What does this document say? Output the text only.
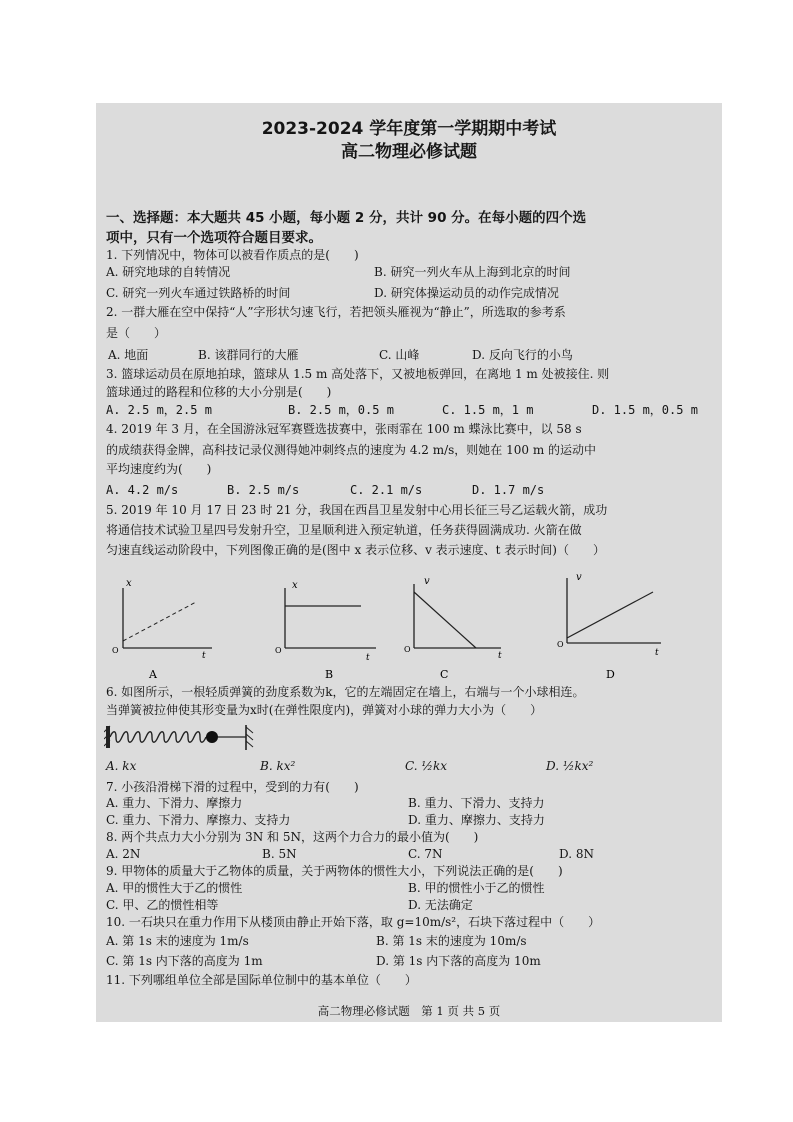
2023-2024 学年度第一学期期中考试
高二物理必修试题
一、选择题：本大题共 45 小题，每小题 2 分，共计 90 分。在每小题的四个选
项中，只有一个选项符合题目要求。
1. 下列情况中，物体可以被看作质点的是(　　)
A. 研究地球的自转情况	B. 研究一列火车从上海到北京的时间
C. 研究一列火车通过铁路桥的时间	D. 研究体操运动员的动作完成情况
2. 一群大雁在空中保持“人”字形状匀速飞行，若把领头雁视为“静止”，所选取的参考系
是（　　）
A. 地面	B. 该群同行的大雁	C. 山峰	D. 反向飞行的小鸟
3. 篮球运动员在原地拍球，篮球从 1.5 m 高处落下，又被地板弹回，在离地 1 m 处被接住. 则
篮球通过的路程和位移的大小分别是(　　)
A. 2.5 m，2.5 m	B. 2.5 m，0.5 m	C. 1.5 m，1 m	D. 1.5 m，0.5 m
4. 2019 年 3 月，在全国游泳冠军赛暨选拔赛中，张雨霏在 100 m 蝶泳比赛中，以 58 s
的成绩获得金牌，高科技记录仪测得她冲刺终点的速度为 4.2 m/s，则她在 100 m 的运动中
平均速度约为(　　)
A. 4.2 m/s	B. 2.5 m/s	C. 2.1 m/s	D. 1.7 m/s
5. 2019 年 10 月 17 日 23 时 21 分，我国在西昌卫星发射中心用长征三号乙运载火箭，成功
将通信技术试验卫星四号发射升空，卫星顺利进入预定轨道，任务获得圆满成功. 火箭在做
匀速直线运动阶段中，下列图像正确的是(图中 x 表示位移、v 表示速度、t 表示时间)（　　）
x
O
t
A
x
O
t
B
v
O
t
C
v
O
t
D
6. 如图所示，一根轻质弹簧的劲度系数为k，它的左端固定在墙上，右端与一个小球相连。
当弹簧被拉伸使其形变量为x时(在弹性限度内)，弹簧对小球的弹力大小为（　　）
A. kx	B. kx²	C. ½kx	D. ½kx²
7. 小孩沿滑梯下滑的过程中，受到的力有(　　)
A. 重力、下滑力、摩擦力	B. 重力、下滑力、支持力
C. 重力、下滑力、摩擦力、支持力	D. 重力、摩擦力、支持力
8. 两个共点力大小分别为 3N 和 5N，这两个力合力的最小值为(　　)
A. 2N	B. 5N	C. 7N	D. 8N
9. 甲物体的质量大于乙物体的质量，关于两物体的惯性大小，下列说法正确的是(　　)
A. 甲的惯性大于乙的惯性	B. 甲的惯性小于乙的惯性
C. 甲、乙的惯性相等	D. 无法确定
10. 一石块只在重力作用下从楼顶由静止开始下落，取 g=10m/s²，石块下落过程中（　　）
A. 第 1s 末的速度为 1m/s	B. 第 1s 末的速度为 10m/s
C. 第 1s 内下落的高度为 1m	D. 第 1s 内下落的高度为 10m
11. 下列哪组单位全部是国际单位制中的基本单位（　　）
高二物理必修试题　第 1 页 共 5 页
